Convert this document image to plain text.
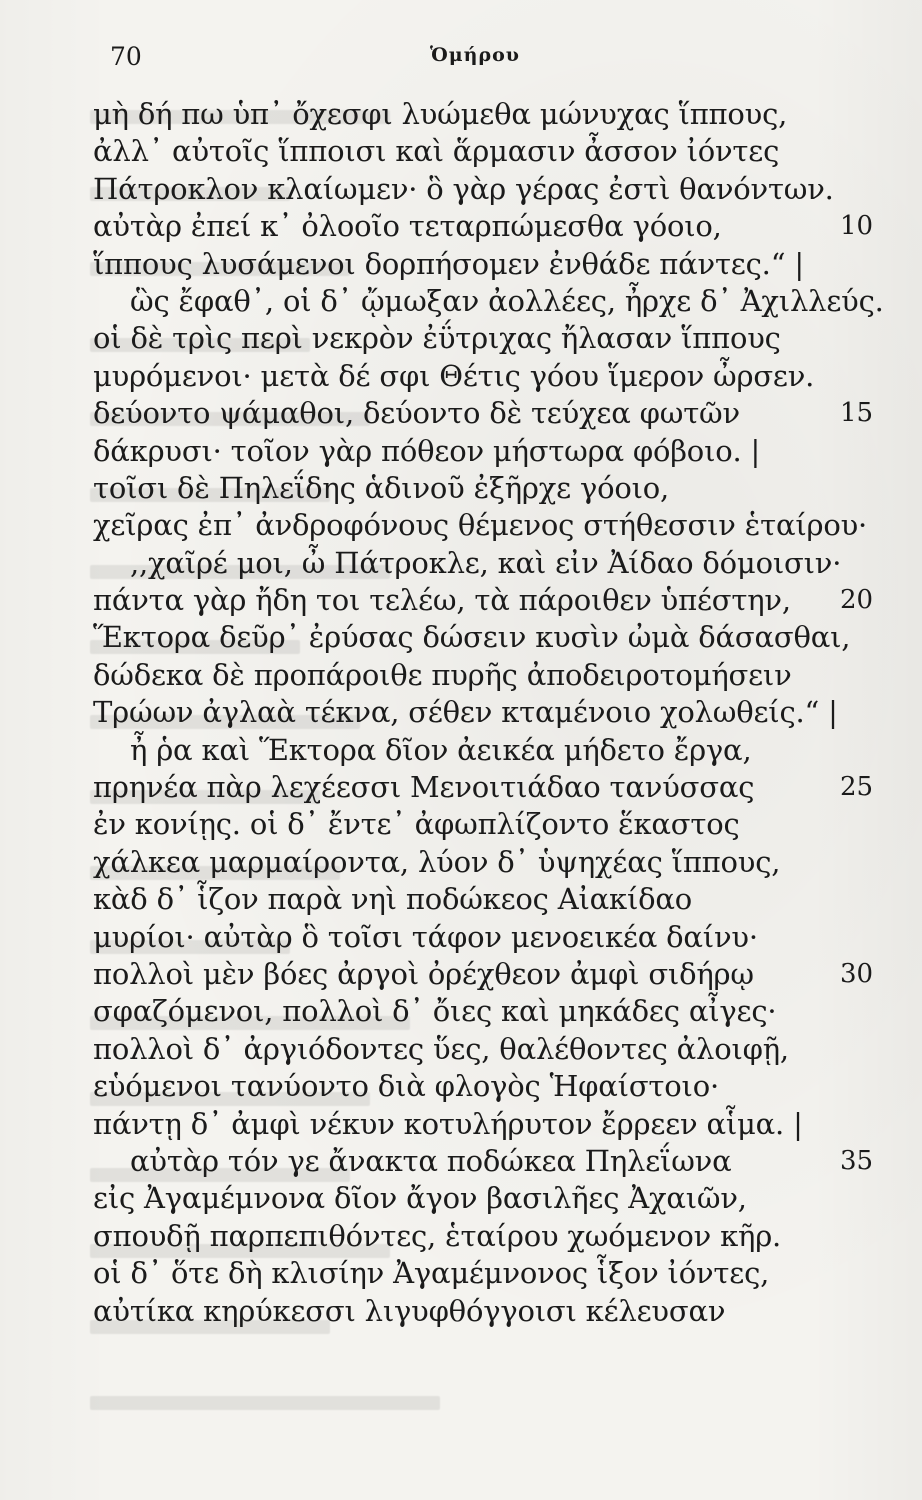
70	Ὁμήρου
μὴ δή πω ὑπ᾽ ὄχεσφι λυώμεθα μώνυχας ἵππους,
ἀλλ᾽ αὐτοῖς ἵπποισι καὶ ἅρμασιν ἆσσον ἰόντες
Πάτροκλον κλαίωμεν· ὃ γὰρ γέρας ἐστὶ θανόντων.
αὐτὰρ ἐπεί κ᾽ ὀλοοῖο τεταρπώμεσθα γόοιο,	10
ἵππους λυσάμενοι δορπήσομεν ἐνθάδε πάντες.“ |
ὣς ἔφαθ᾽, οἱ δ᾽ ᾤμωξαν ἀολλέες, ἦρχε δ᾽ Ἀχιλλεύς.
οἱ δὲ τρὶς περὶ νεκρὸν ἐΰτριχας ἤλασαν ἵππους
μυρόμενοι· μετὰ δέ σφι Θέτις γόου ἵμερον ὦρσεν.
δεύοντο ψάμαθοι, δεύοντο δὲ τεύχεα φωτῶν	15
δάκρυσι· τοῖον γὰρ πόθεον μήστωρα φόβοιο. |
τοῖσι δὲ Πηλεΐδης ἁδινοῦ ἐξῆρχε γόοιο,
χεῖρας ἐπ᾽ ἀνδροφόνους θέμενος στήθεσσιν ἑταίρου·
,,χαῖρέ μοι, ὦ Πάτροκλε, καὶ εἰν Ἀίδαο δόμοισιν·
πάντα γὰρ ἤδη τοι τελέω, τὰ πάροιθεν ὑπέστην, 20
Ἕκτορα δεῦρ᾽ ἐρύσας δώσειν κυσὶν ὠμὰ δάσασθαι,
δώδεκα δὲ προπάροιθε πυρῆς ἀποδειροτομήσειν
Τρώων ἀγλαὰ τέκνα, σέθεν κταμένοιο χολωθείς.“ |
ἦ ῥα καὶ Ἕκτορα δῖον ἀεικέα μήδετο ἔργα,
πρηνέα πὰρ λεχέεσσι Μενοιτιάδαο τανύσσας	25
ἐν κονίῃς. οἱ δ᾽ ἔντε᾽ ἀφωπλίζοντο ἕκαστος
χάλκεα μαρμαίροντα, λύον δ᾽ ὑψηχέας ἵππους,
κὰδ δ᾽ ἷζον παρὰ νηὶ ποδώκεος Αἰακίδαο
μυρίοι· αὐτὰρ ὃ τοῖσι τάφον μενοεικέα δαίνυ·
πολλοὶ μὲν βόες ἀργοὶ ὀρέχθεον ἀμφὶ σιδήρῳ	30
σφαζόμενοι, πολλοὶ δ᾽ ὄιες καὶ μηκάδες αἶγες·
πολλοὶ δ᾽ ἀργιόδοντες ὕες, θαλέθοντες ἀλοιφῇ,
εὑόμενοι τανύοντο διὰ φλογὸς Ἡφαίστοιο·
πάντῃ δ᾽ ἀμφὶ νέκυν κοτυλήρυτον ἔρρεεν αἷμα. |
αὐτὰρ τόν γε ἄνακτα ποδώκεα Πηλεΐωνα	35
εἰς Ἀγαμέμνονα δῖον ἄγον βασιλῆες Ἀχαιῶν,
σπουδῇ παρπεπιθόντες, ἑταίρου χωόμενον κῆρ.
οἱ δ᾽ ὅτε δὴ κλισίην Ἀγαμέμνονος ἷξον ἰόντες,
αὐτίκα κηρύκεσσι λιγυφθόγγοισι κέλευσαν
